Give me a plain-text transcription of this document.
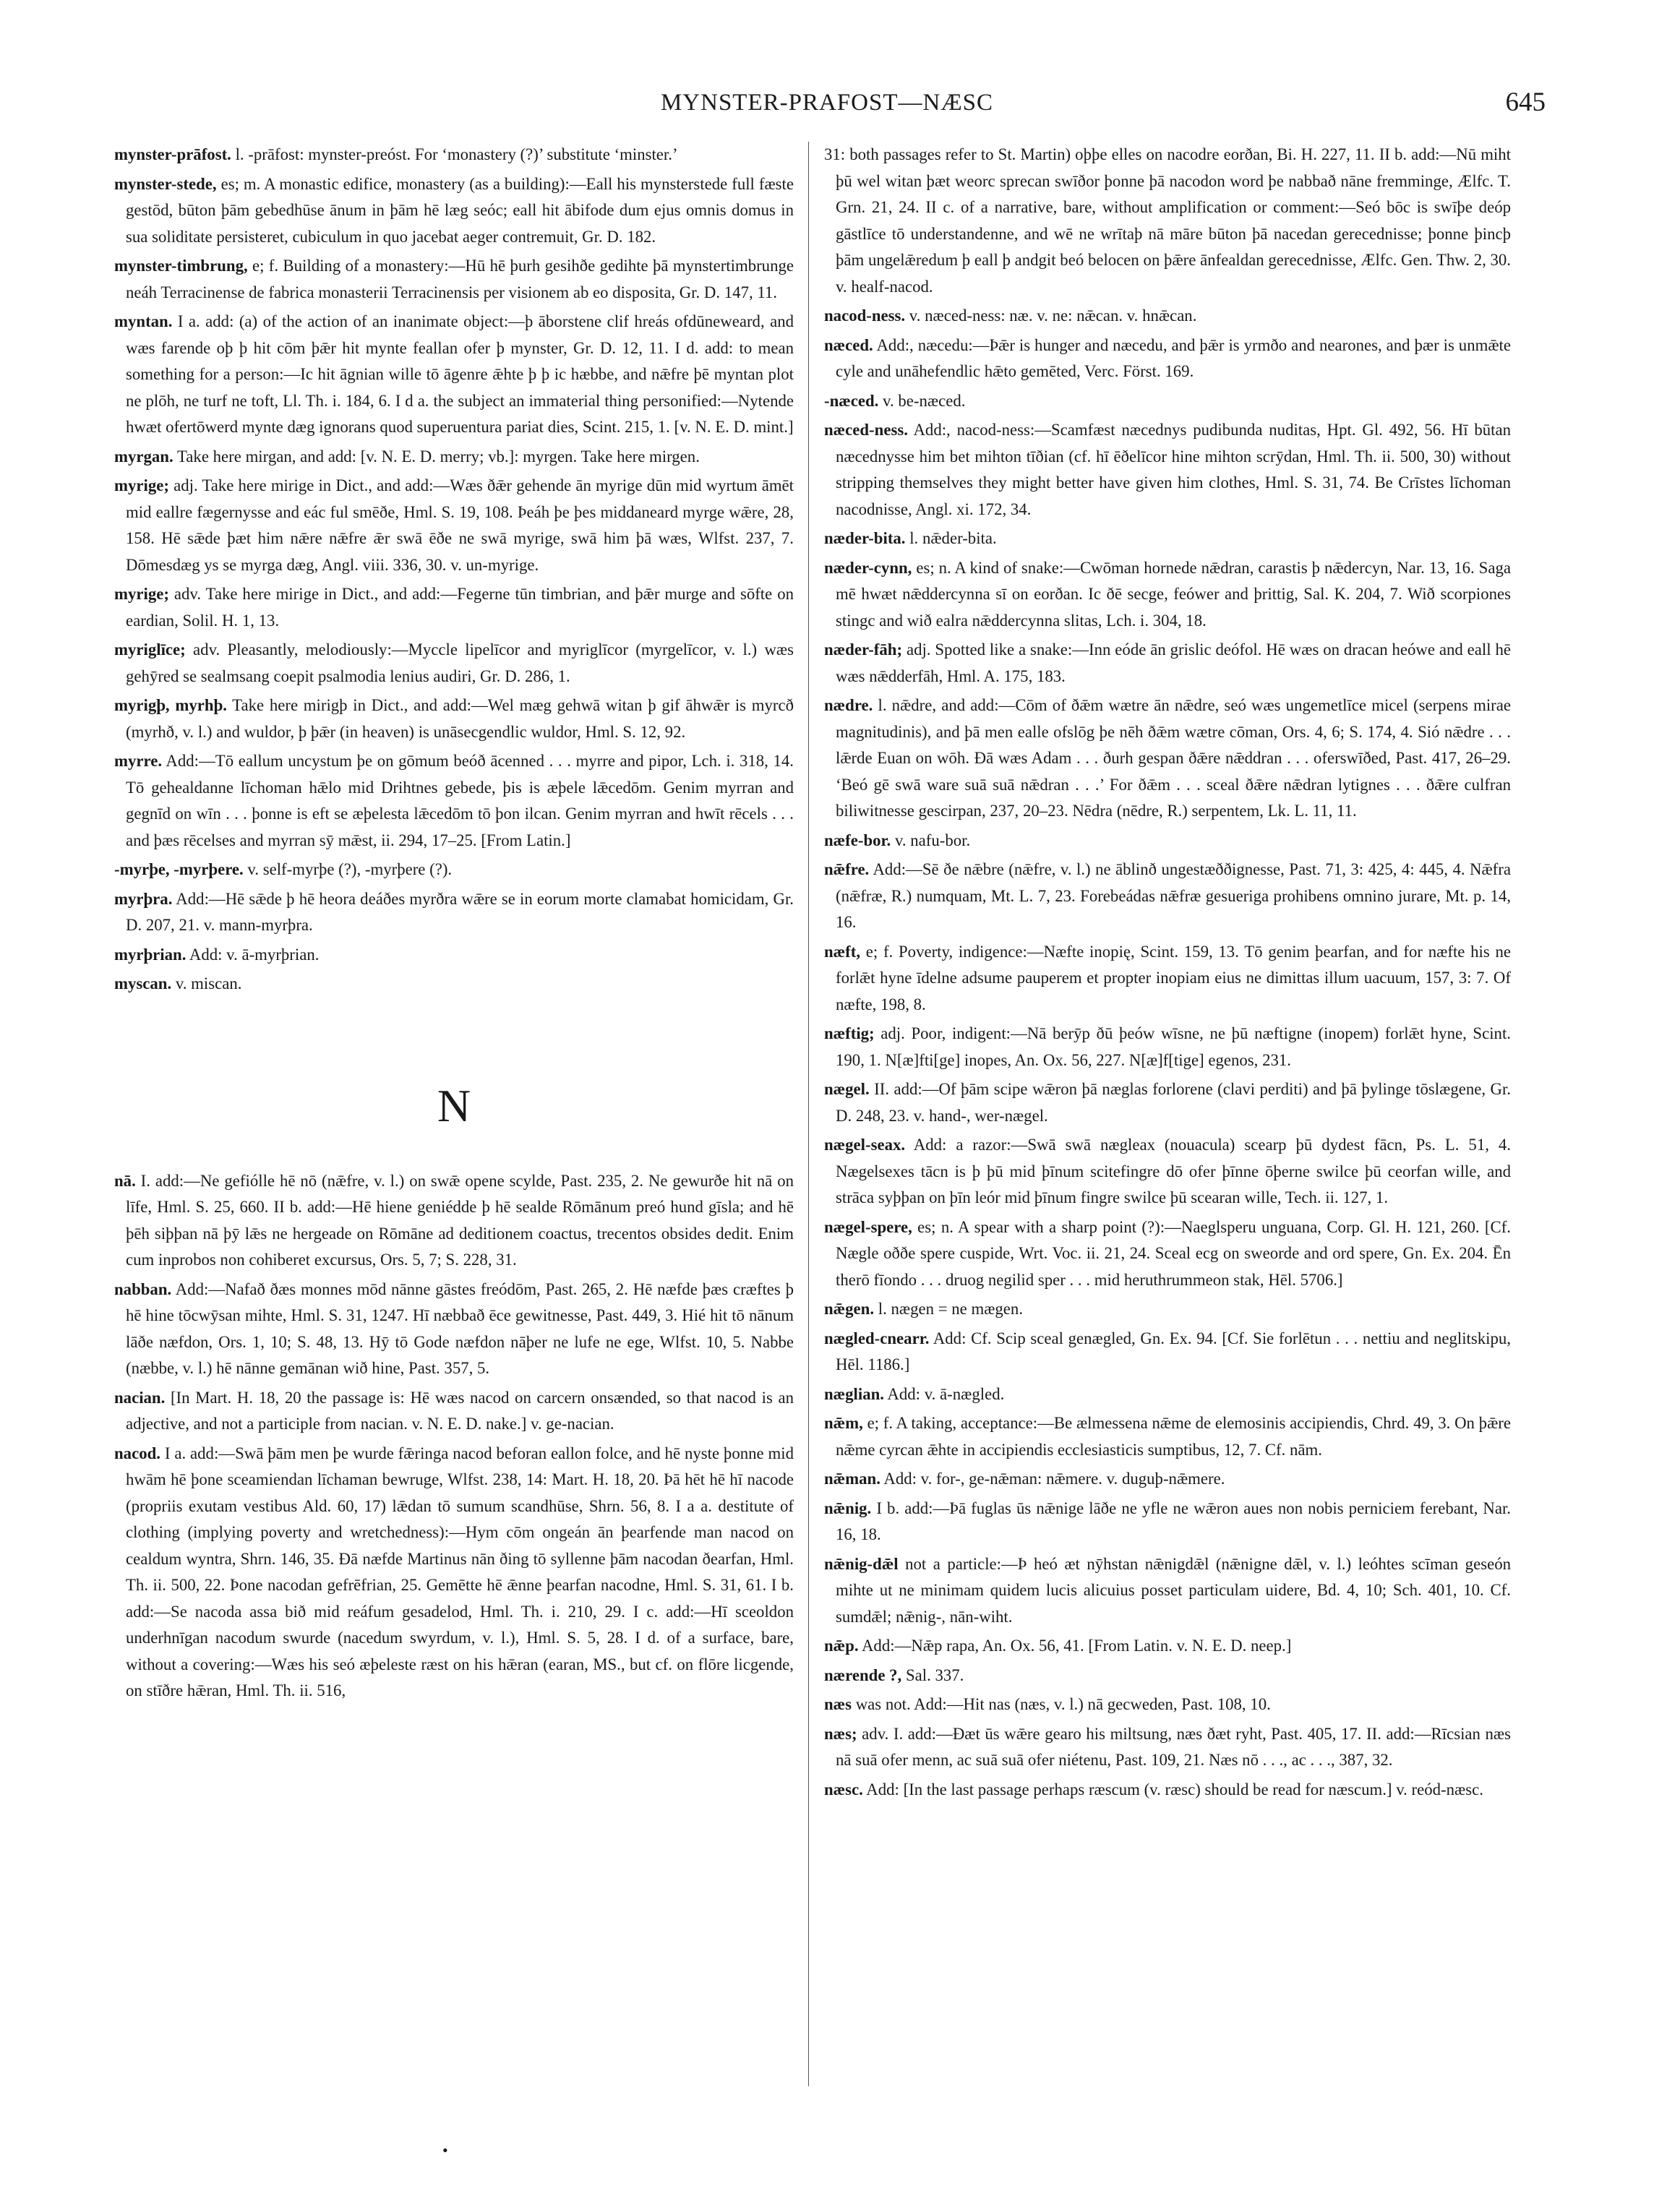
MYNSTER-PRAFOST—NÆSC	645

mynster-prāfost. l. -prāfost: mynster-preóst. For ‘monastery (?)’ substitute ‘minster.’

mynster-stede, es; m. A monastic edifice, monastery (as a building):—Eall his mynsterstede full fæste gestōd, būton þām gebedhūse ānum in þām hē læg seóc; eall hit ābifode dum ejus omnis domus in sua soliditate persisteret, cubiculum in quo jacebat aeger contremuit, Gr. D. 182.

mynster-timbrung, e; f. Building of a monastery:—Hū hē þurh gesihðe gedihte þā mynstertimbrunge neáh Terracinense de fabrica monasterii Terracinensis per visionem ab eo disposita, Gr. D. 147, 11.

myntan. I a. add: (a) of the action of an inanimate object:—þ āborstene clif hreás ofdūneweard, and wæs farende oþ þ hit cōm þǣr hit mynte feallan ofer þ mynster, Gr. D. 12, 11. I d. add: to mean something for a person:—Ic hit āgnian wille tō āgenre ǣhte þ þ ic hæbbe, and nǣfre þē myntan plot ne plōh, ne turf ne toft, Ll. Th. i. 184, 6. I d a. the subject an immaterial thing personified:—Nytende hwæt ofertōwerd mynte dæg ignorans quod superuentura pariat dies, Scint. 215, 1. [v. N. E. D. mint.]

myrgan. Take here mirgan, and add: [v. N. E. D. merry; vb.]: myrgen. Take here mirgen.

myrige; adj. Take here mirige in Dict., and add:—Wæs ðǣr gehende ān myrige dūn mid wyrtum āmēt mid eallre fægernysse and eác ful smēðe, Hml. S. 19, 108. Þeáh þe þes middaneard myrge wǣre, 28, 158. Hē sǣde þæt him nǣre nǣfre ǣr swā ēðe ne swā myrige, swā him þā wæs, Wlfst. 237, 7. Dōmesdæg ys se myrga dæg, Angl. viii. 336, 30. v. un-myrige.

myrige; adv. Take here mirige in Dict., and add:—Fegerne tūn timbrian, and þǣr murge and sōfte on eardian, Solil. H. 1, 13.

myriglīce; adv. Pleasantly, melodiously:—Myccle lipelīcor and myriglīcor (myrgelīcor, v. l.) wæs gehȳred se sealmsang coepit psalmodia lenius audiri, Gr. D. 286, 1.

myrigþ, myrhþ. Take here mirigþ in Dict., and add:—Wel mæg gehwā witan þ gif āhwǣr is myrcð (myrhð, v. l.) and wuldor, þ þǣr (in heaven) is unāsecgendlic wuldor, Hml. S. 12, 92.

myrre. Add:—Tō eallum uncystum þe on gōmum beóð ācenned . . . myrre and pipor, Lch. i. 318, 14. Tō gehealdanne līchoman hǣlo mid Drihtnes gebede, þis is æþele lǣcedōm. Genim myrran and gegnīd on wīn . . . þonne is eft se æþelesta lǣcedōm tō þon ilcan. Genim myrran and hwīt rēcels . . . and þæs rēcelses and myrran sȳ mǣst, ii. 294, 17–25. [From Latin.]

-myrþe, -myrþere. v. self-myrþe (?), -myrþere (?).

myrþra. Add:—Hē sǣde þ hē heora deáðes myrðra wǣre se in eorum morte clamabat homicidam, Gr. D. 207, 21. v. mann-myrþra.

myrþrian. Add: v. ā-myrþrian.

myscan. v. miscan.

N

nā. I. add:—Ne gefiólle hē nō (nǣfre, v. l.) on swǣ opene scylde, Past. 235, 2. Ne gewurðe hit nā on līfe, Hml. S. 25, 660. II b. add:—Hē hiene geniédde þ hē sealde Rōmānum preó hund gīsla; and hē þēh siþþan nā þȳ lǣs ne hergeade on Rōmāne ad deditionem coactus, trecentos obsides dedit. Enim cum inprobos non cohiberet excursus, Ors. 5, 7; S. 228, 31.

nabban. Add:—Nafað ðæs monnes mōd nānne gāstes freódōm, Past. 265, 2. Hē næfde þæs cræftes þ hē hine tōcwȳsan mihte, Hml. S. 31, 1247. Hī næbbað ēce gewitnesse, Past. 449, 3. Hié hit tō nānum lāðe næfdon, Ors. 1, 10; S. 48, 13. Hȳ tō Gode næfdon nāþer ne lufe ne ege, Wlfst. 10, 5. Nabbe (næbbe, v. l.) hē nānne gemānan wið hine, Past. 357, 5.

nacian. [In Mart. H. 18, 20 the passage is: Hē wæs nacod on carcern onsænded, so that nacod is an adjective, and not a participle from nacian. v. N. E. D. nake.] v. ge-nacian.

nacod. I a. add:—Swā þām men þe wurde fǣringa nacod beforan eallon folce, and hē nyste þonne mid hwām hē þone sceamiendan līchaman bewruge, Wlfst. 238, 14: Mart. H. 18, 20. Þā hēt hē hī nacode (propriis exutam vestibus Ald. 60, 17) lǣdan tō sumum scandhūse, Shrn. 56, 8. I a a. destitute of clothing (implying poverty and wretchedness):—Hym cōm ongeán ān þearfende man nacod on cealdum wyntra, Shrn. 146, 35. Ðā næfde Martinus nān ðing tō syllenne þām nacodan ðearfan, Hml. Th. ii. 500, 22. Þone nacodan gefrēfrian, 25. Gemētte hē ǣnne þearfan nacodne, Hml. S. 31, 61. I b. add:—Se nacoda assa bið mid reáfum gesadelod, Hml. Th. i. 210, 29. I c. add:—Hī sceoldon underhnīgan nacodum swurde (nacedum swyrdum, v. l.), Hml. S. 5, 28. I d. of a surface, bare, without a covering:—Wæs his seó æþeleste ræst on his hǣran (earan, MS., but cf. on flōre licgende, on stīðre hǣran, Hml. Th. ii. 516,

31: both passages refer to St. Martin) oþþe elles on nacodre eorðan, Bi. H. 227, 11. II b. add:—Nū miht þū wel witan þæt weorc sprecan swīðor þonne þā nacodon word þe nabbað nāne fremminge, Ælfc. T. Grn. 21, 24. II c. of a narrative, bare, without amplification or comment:—Seó bōc is swīþe deóp gāstlīce tō understandenne, and wē ne wrītaþ nā māre būton þā nacedan gerecednisse; þonne þincþ þām ungelǣredum þ eall þ andgit beó belocen on þǣre ānfealdan gerecednisse, Ælfc. Gen. Thw. 2, 30. v. healf-nacod.

nacod-ness. v. næced-ness: næ. v. ne: nǣcan. v. hnǣcan.

næced. Add:, næcedu:—Þǣr is hunger and næcedu, and þǣr is yrmðo and nearones, and þær is unmǣte cyle and unāhefendlic hǣto gemēted, Verc. Först. 169.

-næced. v. be-næced.

næced-ness. Add:, nacod-ness:—Scamfæst næcednys pudibunda nuditas, Hpt. Gl. 492, 56. Hī būtan næcednysse him bet mihton tīðian (cf. hī ēðelīcor hine mihton scrȳdan, Hml. Th. ii. 500, 30) without stripping themselves they might better have given him clothes, Hml. S. 31, 74. Be Crīstes līchoman nacodnisse, Angl. xi. 172, 34.

næder-bita. l. nǣder-bita.

næder-cynn, es; n. A kind of snake:—Cwōman hornede nǣdran, carastis þ nǣdercyn, Nar. 13, 16. Saga mē hwæt nǣddercynna sī on eorðan. Ic ðē secge, feówer and þrittig, Sal. K. 204, 7. Wið scorpiones stingc and wið ealra nǣddercynna slitas, Lch. i. 304, 18.

næder-fāh; adj. Spotted like a snake:—Inn eóde ān grislic deófol. Hē wæs on dracan heówe and eall hē wæs nǣdderfāh, Hml. A. 175, 183.

nædre. l. nǣdre, and add:—Cōm of ðǣm wætre ān nǣdre, seó wæs ungemetlīce micel (serpens mirae magnitudinis), and þā men ealle ofslōg þe nēh ðǣm wætre cōman, Ors. 4, 6; S. 174, 4. Sió nǣdre . . . lǣrde Euan on wōh. Ðā wæs Adam . . . ðurh gespan ðǣre nǣddran . . . oferswīðed, Past. 417, 26–29. ‘Beó gē swā ware suā suā nǣdran . . .’ For ðǣm . . . sceal ðǣre nǣdran lytignes . . . ðǣre culfran biliwitnesse gescirpan, 237, 20–23. Nēdra (nēdre, R.) serpentem, Lk. L. 11, 11.

næfe-bor. v. nafu-bor.

nǣfre. Add:—Sē ðe nǣbre (nǣfre, v. l.) ne āblinð ungestæððignesse, Past. 71, 3: 425, 4: 445, 4. Nǣfra (nǣfræ, R.) numquam, Mt. L. 7, 23. Forebeádas nǣfræ gesueriga prohibens omnino jurare, Mt. p. 14, 16.

næft, e; f. Poverty, indigence:—Næfte inopię, Scint. 159, 13. Tō genim þearfan, and for næfte his ne forlǣt hyne īdelne adsume pauperem et propter inopiam eius ne dimittas illum uacuum, 157, 3: 7. Of næfte, 198, 8.

næftig; adj. Poor, indigent:—Nā berȳp ðū þeów wīsne, ne þū næftigne (inopem) forlǣt hyne, Scint. 190, 1. N[æ]fti[ge] inopes, An. Ox. 56, 227. N[æ]f[tige] egenos, 231.

nægel. II. add:—Of þām scipe wǣron þā næglas forlorene (clavi perditi) and þā þylinge tōslægene, Gr. D. 248, 23. v. hand-, wer-nægel.

nægel-seax. Add: a razor:—Swā swā nægleax (nouacula) scearp þū dydest fācn, Ps. L. 51, 4. Nægelsexes tācn is þ þū mid þīnum scitefingre dō ofer þīnne ōþerne swilce þū ceorfan wille, and strāca syþþan on þīn leór mid þīnum fingre swilce þū scearan wille, Tech. ii. 127, 1.

nægel-spere, es; n. A spear with a sharp point (?):—Naeglsperu unguana, Corp. Gl. H. 121, 260. [Cf. Nægle oððe spere cuspide, Wrt. Voc. ii. 21, 24. Sceal ecg on sweorde and ord spere, Gn. Ex. 204. Ēn therō fīondo . . . druog negilid sper . . . mid heruthrummeon stak, Hēl. 5706.]

nǣgen. l. nægen = ne mægen.

nægled-cnearr. Add: Cf. Scip sceal genægled, Gn. Ex. 94. [Cf. Sie forlētun . . . nettiu and neglitskipu, Hēl. 1186.]

næglian. Add: v. ā-nægled.

nǣm, e; f. A taking, acceptance:—Be ælmessena nǣme de elemosinis accipiendis, Chrd. 49, 3. On þǣre nǣme cyrcan ǣhte in accipiendis ecclesiasticis sumptibus, 12, 7. Cf. nām.

nǣman. Add: v. for-, ge-nǣman: nǣmere. v. duguþ-nǣmere.

nǣnig. I b. add:—Þā fuglas ūs nǣnige lāðe ne yfle ne wǣron aues non nobis perniciem ferebant, Nar. 16, 18.

nǣnig-dǣl not a particle:—Þ heó æt nȳhstan nǣnigdǣl (nǣnigne dǣl, v. l.) leóhtes scīman geseón mihte ut ne minimam quidem lucis alicuius posset particulam uidere, Bd. 4, 10; Sch. 401, 10. Cf. sumdǣl; nǣnig-, nān-wiht.

nǣp. Add:—Nǣp rapa, An. Ox. 56, 41. [From Latin. v. N. E. D. neep.]

nærende ?, Sal. 337.

næs was not. Add:—Hit nas (næs, v. l.) nā gecweden, Past. 108, 10.

næs; adv. I. add:—Ðæt ūs wǣre gearo his miltsung, næs ðæt ryht, Past. 405, 17. II. add:—Rīcsian næs nā suā ofer menn, ac suā suā ofer niétenu, Past. 109, 21. Næs nō . . ., ac . . ., 387, 32.

næsc. Add: [In the last passage perhaps ræscum (v. ræsc) should be read for næscum.] v. reód-næsc.

•
